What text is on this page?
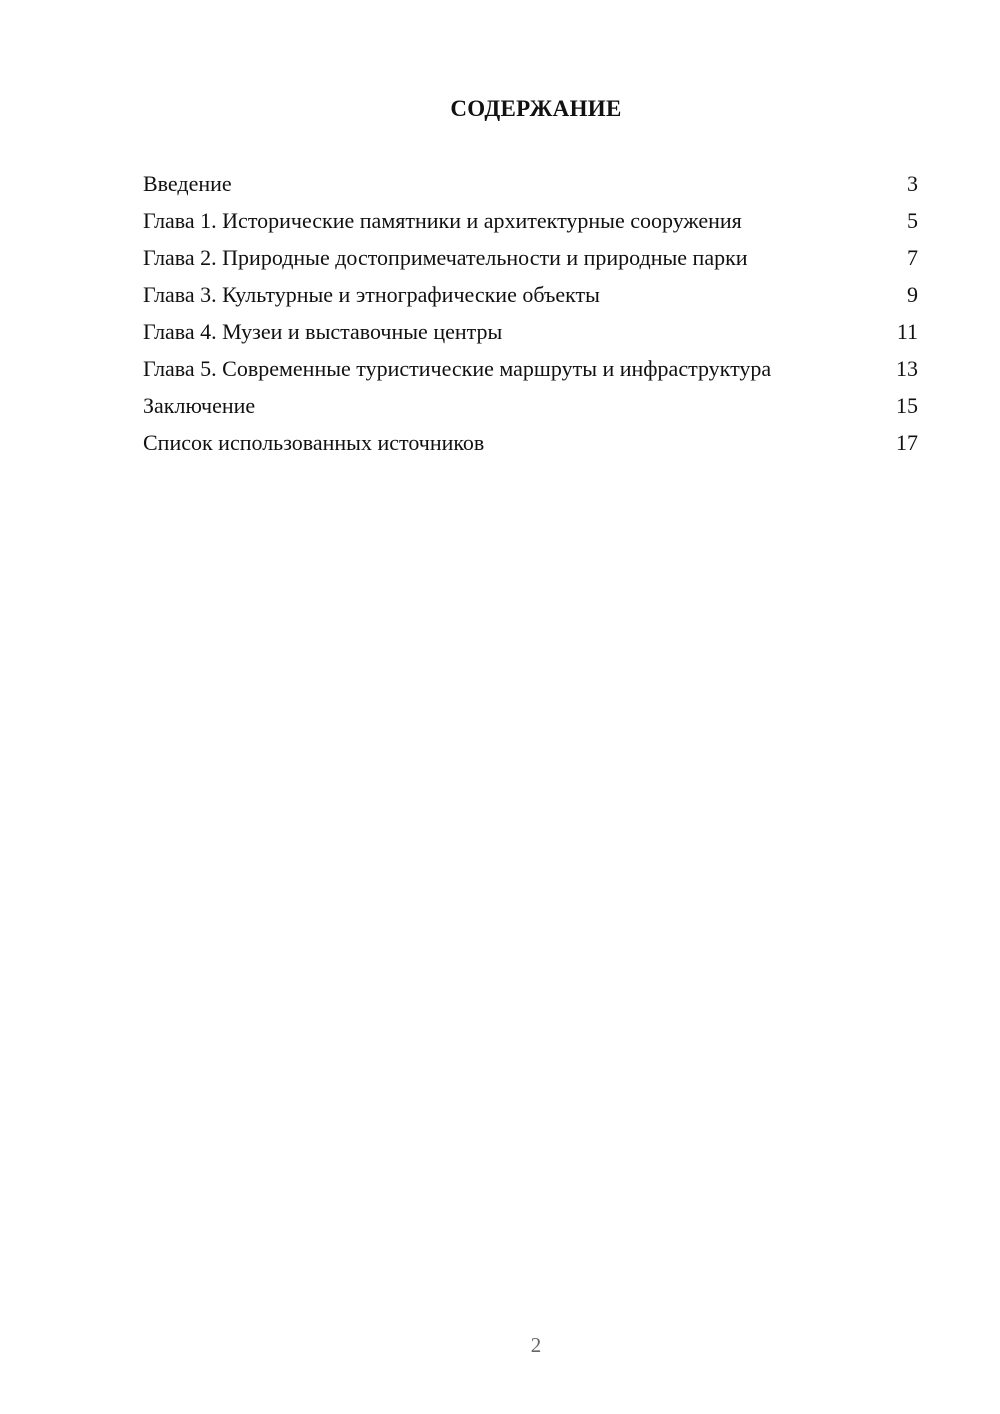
СОДЕРЖАНИЕ
Введение	3
Глава 1. Исторические памятники и архитектурные сооружения	5
Глава 2. Природные достопримечательности и природные парки	7
Глава 3. Культурные и этнографические объекты	9
Глава 4. Музеи и выставочные центры	11
Глава 5. Современные туристические маршруты и инфраструктура	13
Заключение	15
Список использованных источников	17
2
